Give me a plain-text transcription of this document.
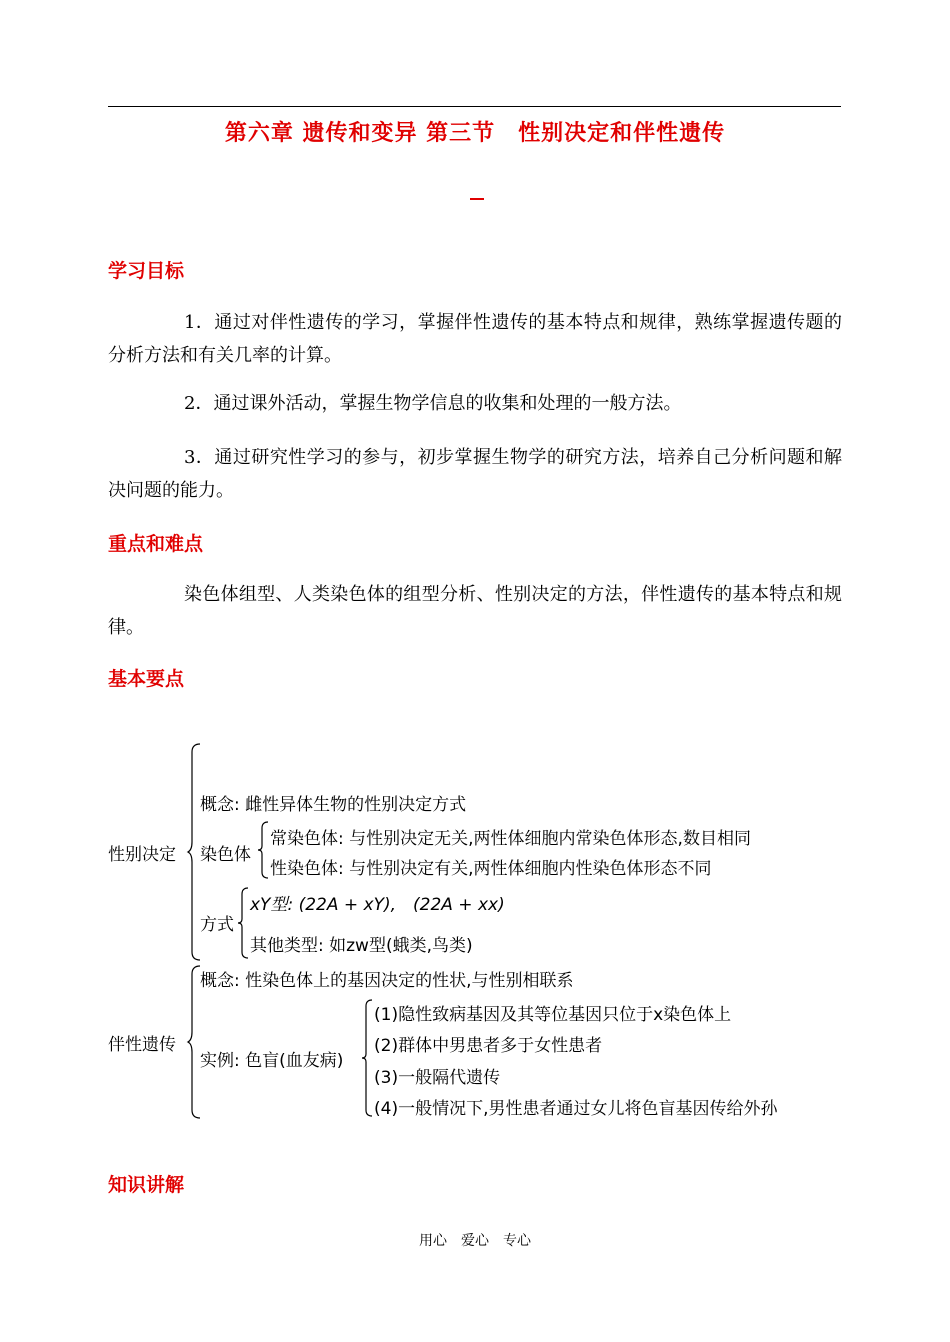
第六章 遗传和变异 第三节　性别决定和伴性遗传
学习目标
1．通过对伴性遗传的学习，掌握伴性遗传的基本特点和规律，熟练掌握遗传题的分析方法和有关几率的计算。
2．通过课外活动，掌握生物学信息的收集和处理的一般方法。
3．通过研究性学习的参与，初步掌握生物学的研究方法，培养自己分析问题和解决问题的能力。
重点和难点
染色体组型、人类染色体的组型分析、性别决定的方法，伴性遗传的基本特点和规律。
基本要点
性别决定
概念: 雌性异体生物的性别决定方式
染色体
常染色体: 与性别决定无关,两性体细胞内常染色体形态,数目相同
性染色体: 与性别决定有关,两性体细胞内性染色体形态不同
方式
xY型: (22A + xY),　(22A + xx)
其他类型: 如zw型(蛾类,鸟类)
伴性遗传
概念: 性染色体上的基因决定的性状,与性别相联系
实例: 色盲(血友病)
(1)隐性致病基因及其等位基因只位于x染色体上
(2)群体中男患者多于女性患者
(3)一般隔代遗传
(4)一般情况下,男性患者通过女儿将色盲基因传给外孙
知识讲解
用心　爱心　专心
